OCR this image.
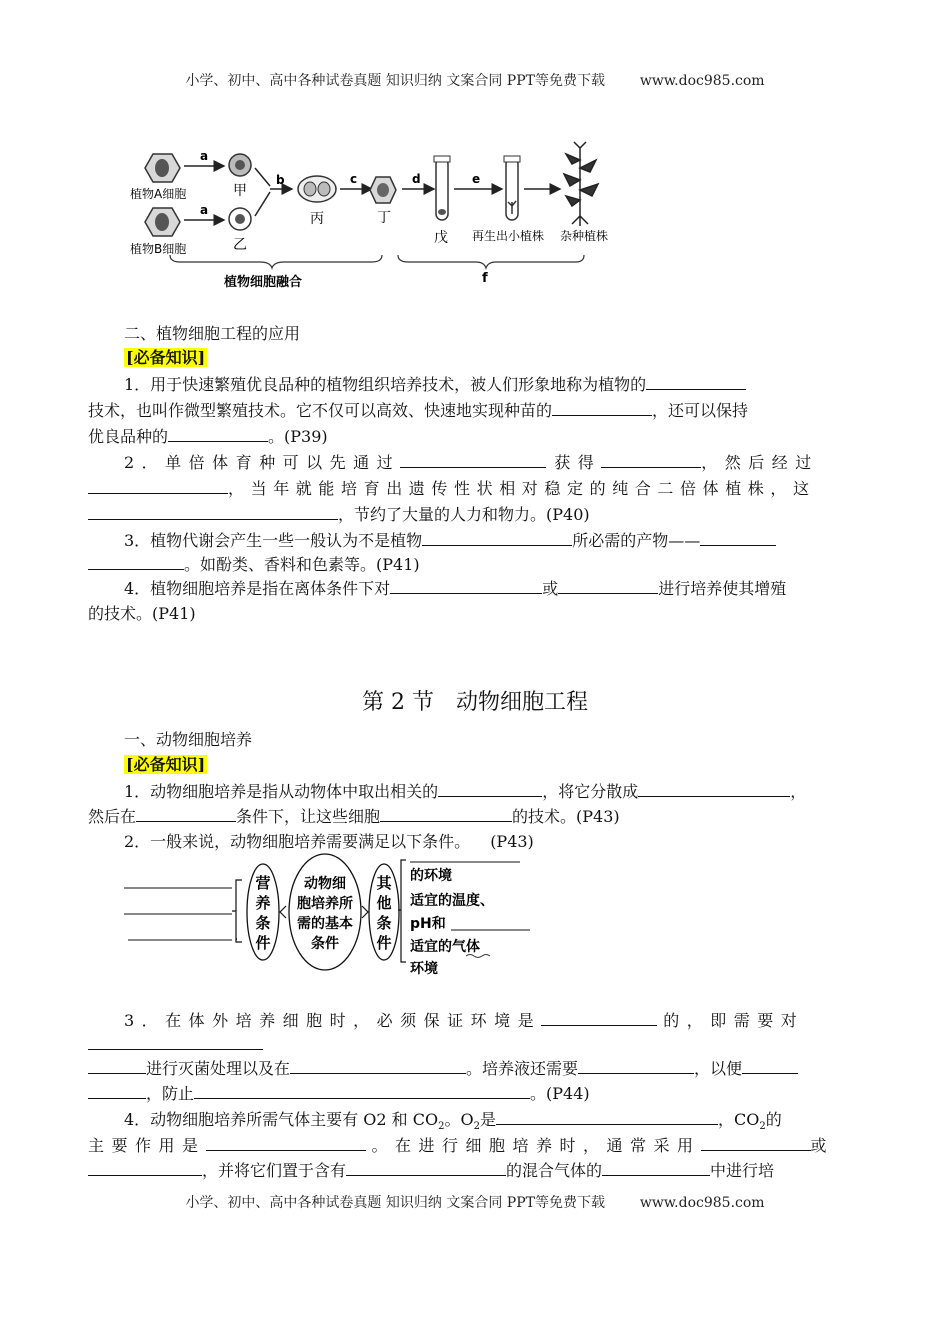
小学、初中、高中各种试卷真题 知识归纳 文案合同 PPT等免费下载 www.doc985.com
植物A细胞
植物B细胞
a
a
甲
乙
b
丙
c
丁
d
戊
e
再生出小植株 杂种植株
植物细胞融合	f
二、植物细胞工程的应用
[必备知识]
1．用于快速繁殖优良品种的植物组织培养技术，被人们形象地称为植物的
技术，也叫作微型繁殖技术。它不仅可以高效、快速地实现种苗的	，还可以保持
优良品种的	。(P39)
2．单倍体育种可以先通过	获得	，然后经过
，当年就能培育出遗传性状相对稳定的纯合二倍体植株，这
，节约了大量的人力和物力。(P40)
3．植物代谢会产生一些一般认为不是植物	所必需的产物——
。如酚类、香料和色素等。(P41)
4．植物细胞培养是指在离体条件下对	或	进行培养使其增殖
的技术。(P41)
第 2 节　动物细胞工程
一、动物细胞培养
[必备知识]
1．动物细胞培养是指从动物体中取出相关的	，将它分散成	，
然后在	条件下，让这些细胞	的技术。(P43)
2．一般来说，动物细胞培养需要满足以下条件。 (P43)
.
营
养
条
件
动物细
胞培养所
需的基本
条件
其
他
条
件
的环境
适宜的温度、
pH和
适宜的气体
环境
3．在体外培养细胞时，必须保证环境是	的，即需要对
进行灭菌处理以及在	。培养液还需要	，以便
，防止	。(P44)
4．动物细胞培养所需气体主要有 O2 和 $CO_2$。$O_2$是	，$CO_2$的
主要作用是	。在进行细胞培养时，通常采用	或
，并将它们置于含有	的混合气体的	中进行培
小学、初中、高中各种试卷真题 知识归纳 文案合同 PPT等免费下载 www.doc985.com
